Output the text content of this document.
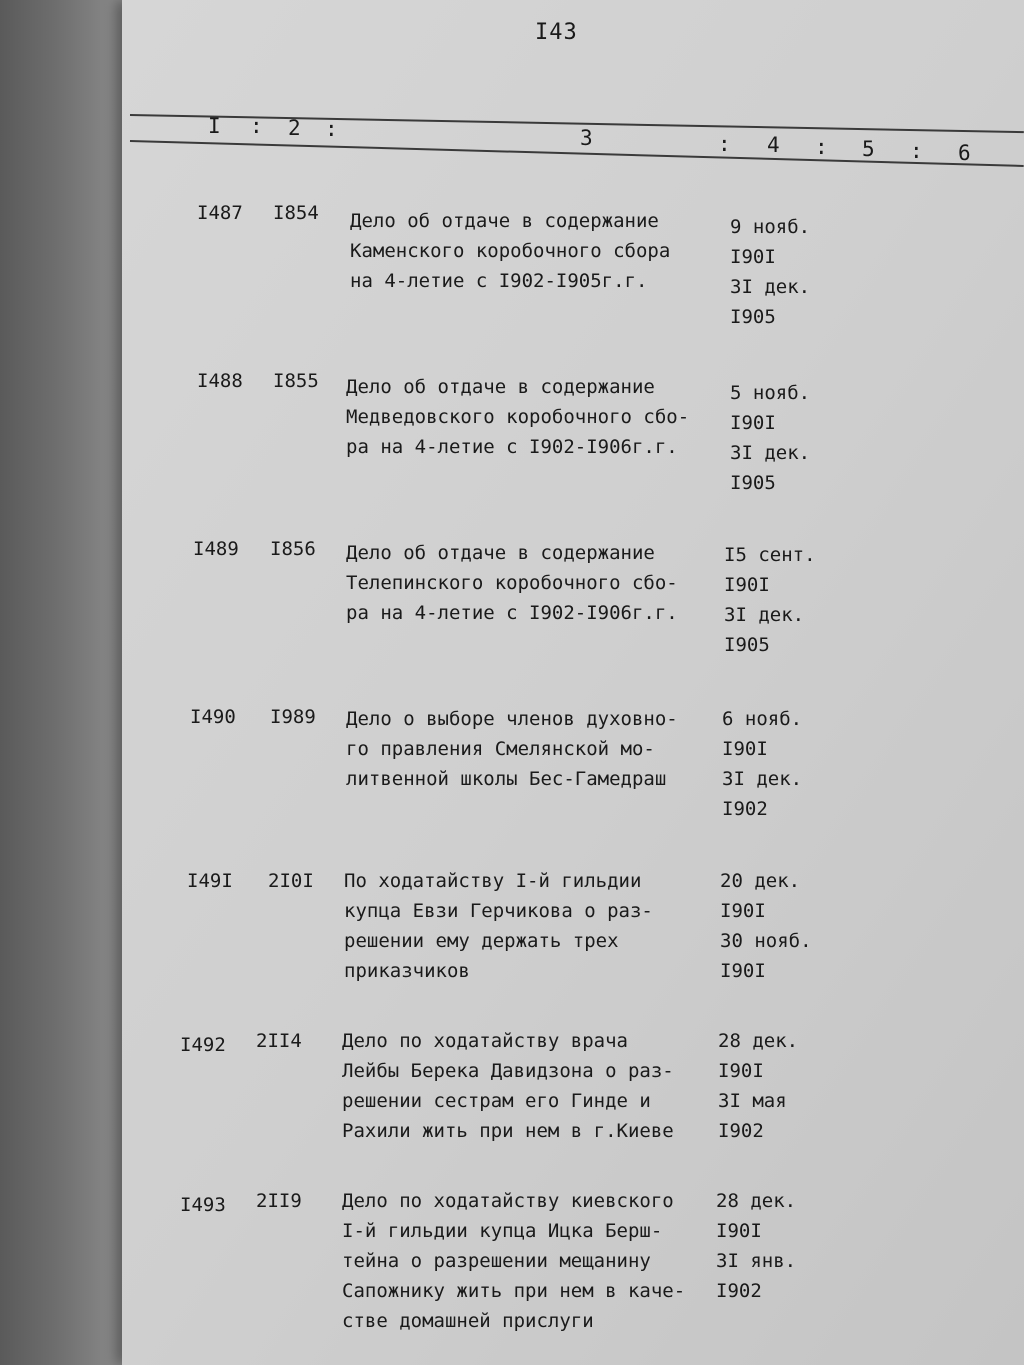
I43
I : 2 :	3	: 4 : 5 : 6
I487 I854 Дело об отдаче в содержание
Каменского коробочного сбора
на 4-летие с I902-I905г.г.
9 нояб.
I90I
3I дек.
I905
I488 I855 Дело об отдаче в содержание
Медведовского коробочного сбо-
ра на 4-летие с I902-I906г.г.
5 нояб.
I90I
3I дек.
I905
I489 I856 Дело об отдаче в содержание
Телепинского коробочного сбо-
ра на 4-летие с I902-I906г.г.
I5 сент.
I90I
3I дек.
I905
I490 I989 Дело о выборе членов духовно-
го правления Смелянской мо-
литвенной школы Бес-Гамедраш
6 нояб.
I90I
3I дек.
I902
I49I 2I0I По ходатайству I-й гильдии
купца Евзи Герчикова о раз-
решении ему держать трех
приказчиков
20 дек.
I90I
30 нояб.
I90I
I492 2II4 Дело по ходатайству врача
Лейбы Берека Давидзона о раз-
решении сестрам его Гинде и
Рахили жить при нем в г.Киеве
28 дек.
I90I
3I мая
I902
I493 2II9 Дело по ходатайству киевского
I-й гильдии купца Ицка Берш-
тейна о разрешении мещанину
Сапожнику жить при нем в каче-
стве домашней прислуги
28 дек.
I90I
3I янв.
I902
